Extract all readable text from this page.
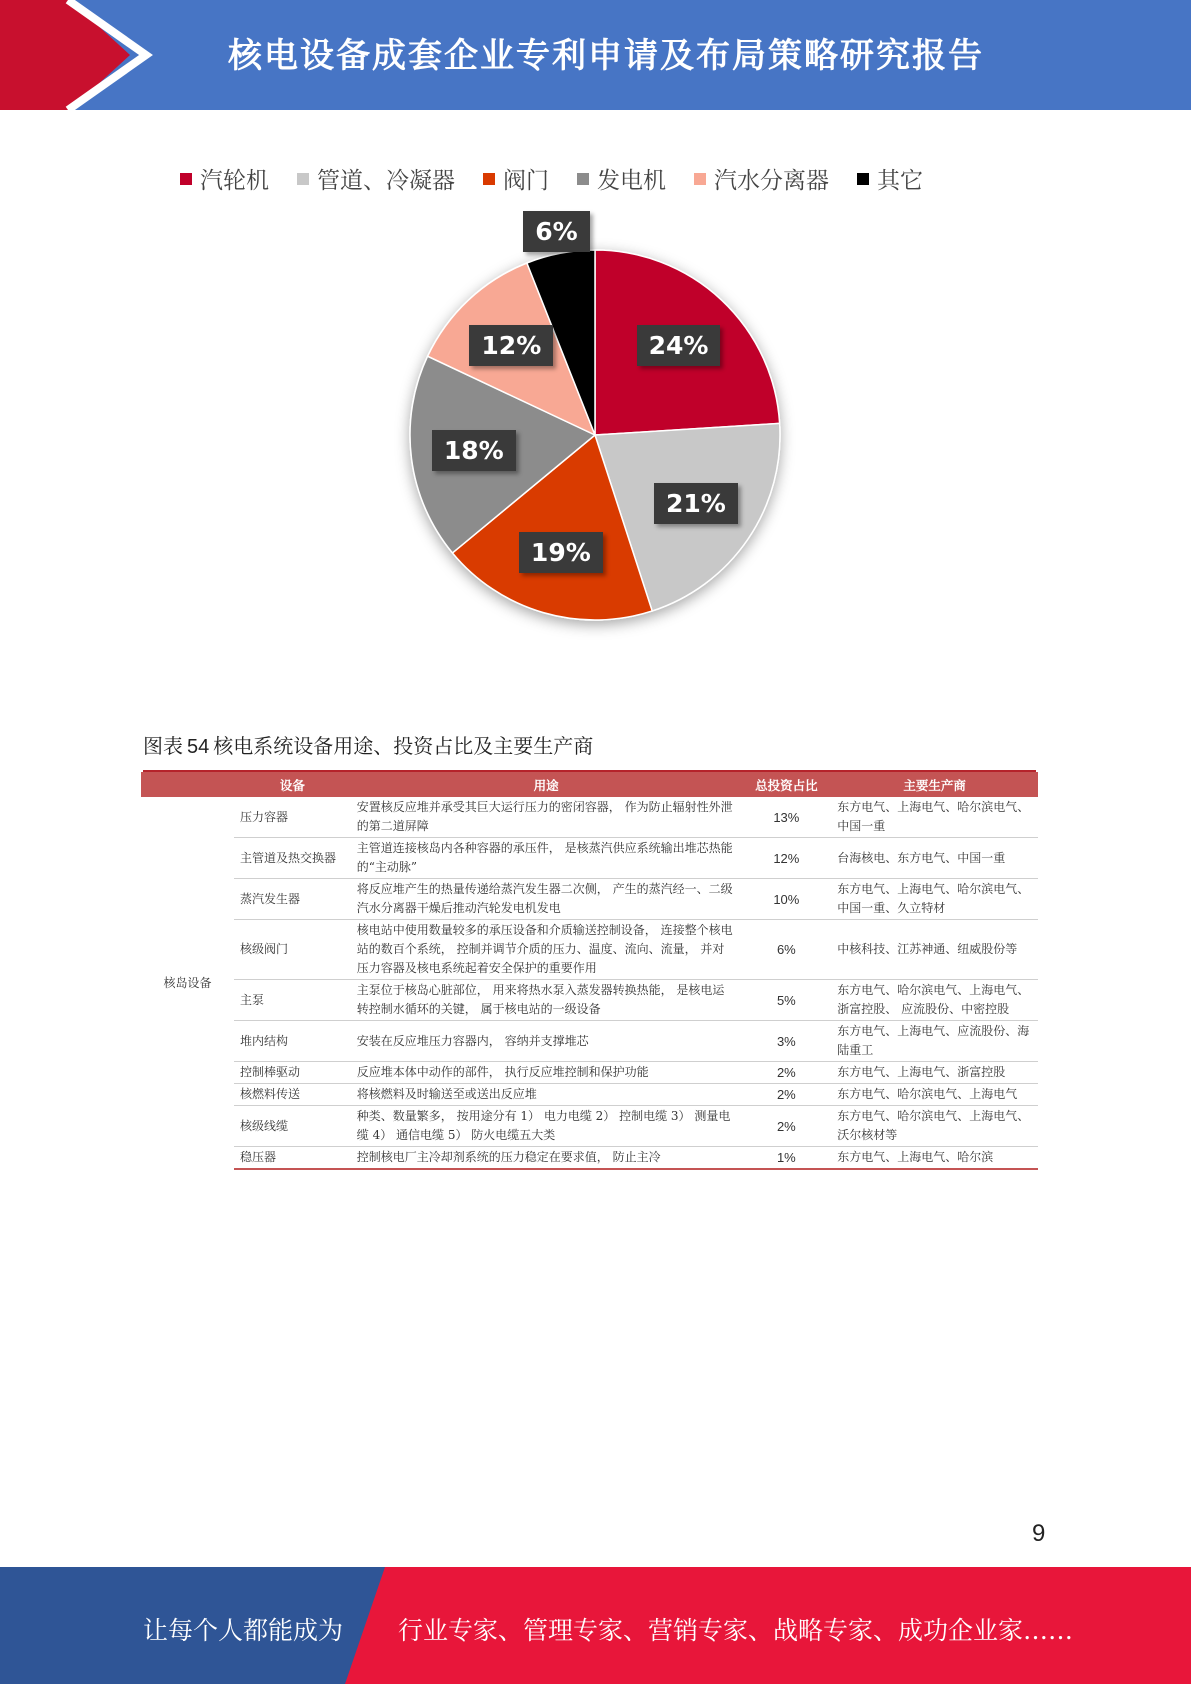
核电设备成套企业专利申请及布局策略研究报告
汽轮机 管道、冷凝器 阀门 发电机 汽水分离器 其它
24%
21%
19%
18%
12%
6%
图表 54 核电系统设备用途、投资占比及主要生产商
	设备	用途	总投资占比	主要生产商
核岛设备	压力容器	安置核反应堆并承受其巨大运行压力的密闭容器， 作为防止辐射性外泄的第二道屏障	13%	东方电气、上海电气、哈尔滨电气、 中国一重
	主管道及热交换器	主管道连接核岛内各种容器的承压件， 是核蒸汽供应系统输出堆芯热能的“主动脉”	12%	台海核电、东方电气、中国一重
	蒸汽发生器	将反应堆产生的热量传递给蒸汽发生器二次侧， 产生的蒸汽经一、二级汽水分离器干燥后推动汽轮发电机发电	10%	东方电气、上海电气、哈尔滨电气、 中国一重、久立特材
	核级阀门	核电站中使用数量较多的承压设备和介质输送控制设备， 连接整个核电站的数百个系统， 控制并调节介质的压力、温度、流向、流量， 并对压力容器及核电系统起着安全保护的重要作用	6%	中核科技、江苏神通、纽威股份等
	主泵	主泵位于核岛心脏部位， 用来将热水泵入蒸发器转换热能， 是核电运转控制水循环的关键， 属于核电站的一级设备	5%	东方电气、哈尔滨电气、上海电气、浙富控股、 应流股份、中密控股
	堆内结构	安装在反应堆压力容器内， 容纳并支撑堆芯	3%	东方电气、上海电气、应流股份、海陆重工
	控制棒驱动	反应堆本体中动作的部件， 执行反应堆控制和保护功能	2%	东方电气、上海电气、浙富控股
	核燃料传送	将核燃料及时输送至或送出反应堆	2%	东方电气、哈尔滨电气、上海电气
	核级线缆	种类、数量繁多， 按用途分有 1） 电力电缆 2） 控制电缆 3） 测量电缆 4） 通信电缆 5） 防火电缆五大类	2%	东方电气、哈尔滨电气、上海电气、沃尔核材等
	稳压器	控制核电厂主冷却剂系统的压力稳定在要求值， 防止主冷	1%	东方电气、上海电气、哈尔滨
9
让每个人都能成为 行业专家、管理专家、营销专家、战略专家、成功企业家……
